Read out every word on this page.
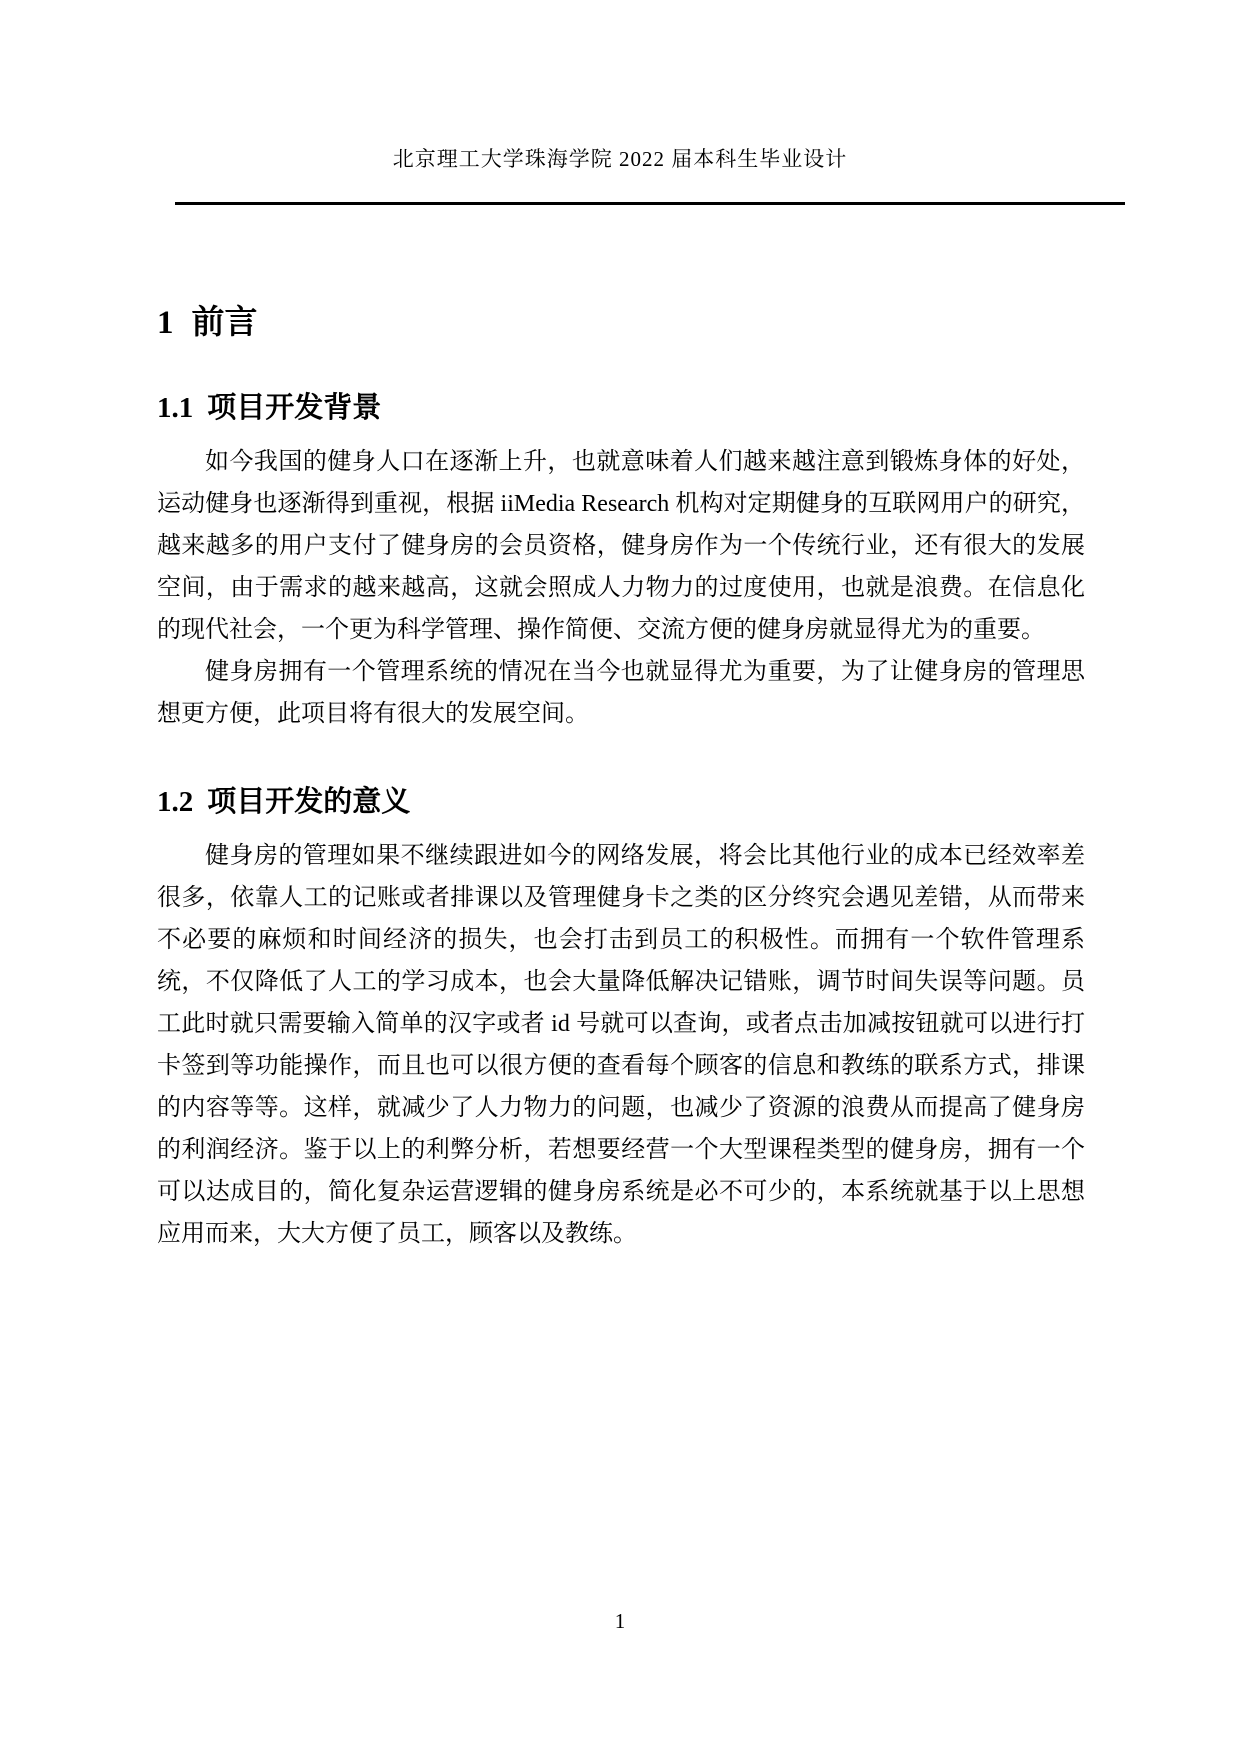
北京理工大学珠海学院 2022 届本科生毕业设计
1 前言
1.1 项目开发背景

如今我国的健身人口在逐渐上升，也就意味着人们越来越注意到锻炼身体的好处，运动健身也逐渐得到重视，根据 iiMedia Research 机构对定期健身的互联网用户的研究，越来越多的用户支付了健身房的会员资格，健身房作为一个传统行业，还有很大的发展空间，由于需求的越来越高，这就会照成人力物力的过度使用，也就是浪费。在信息化的现代社会，一个更为科学管理、操作简便、交流方便的健身房就显得尤为的重要。

健身房拥有一个管理系统的情况在当今也就显得尤为重要，为了让健身房的管理思想更方便，此项目将有很大的发展空间。

1.2 项目开发的意义

健身房的管理如果不继续跟进如今的网络发展，将会比其他行业的成本已经效率差很多，依靠人工的记账或者排课以及管理健身卡之类的区分终究会遇见差错，从而带来不必要的麻烦和时间经济的损失，也会打击到员工的积极性。而拥有一个软件管理系统，不仅降低了人工的学习成本，也会大量降低解决记错账，调节时间失误等问题。员工此时就只需要输入简单的汉字或者 id 号就可以查询，或者点击加减按钮就可以进行打卡签到等功能操作，而且也可以很方便的查看每个顾客的信息和教练的联系方式，排课的内容等等。这样，就减少了人力物力的问题，也减少了资源的浪费从而提高了健身房的利润经济。鉴于以上的利弊分析，若想要经营一个大型课程类型的健身房，拥有一个可以达成目的，简化复杂运营逻辑的健身房系统是必不可少的，本系统就基于以上思想应用而来，大大方便了员工，顾客以及教练。

1
